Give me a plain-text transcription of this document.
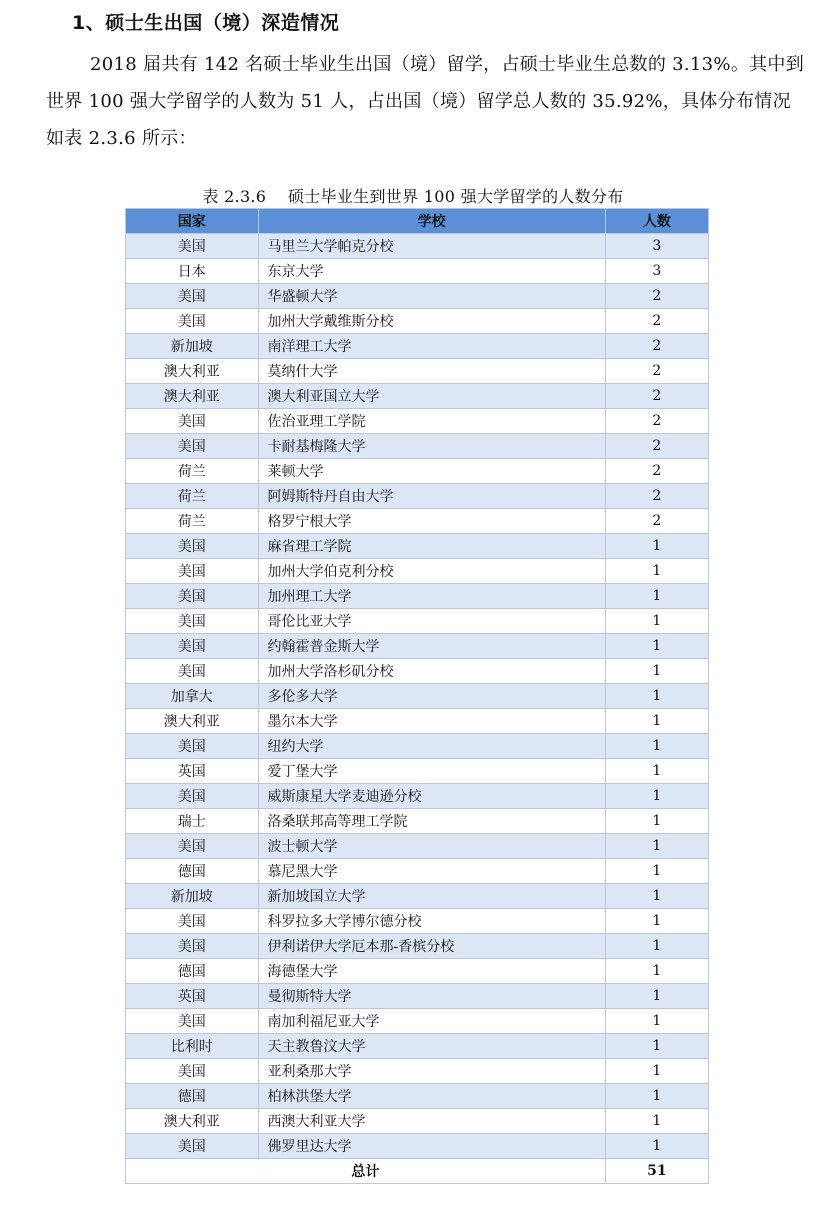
1、硕士生出国（境）深造情况
2018 届共有 142 名硕士毕业生出国（境）留学，占硕士毕业生总数的 3.13%。其中到世界 100 强大学留学的人数为 51 人，占出国（境）留学总人数的 35.92%，具体分布情况如表 2.3.6 所示：
表 2.3.6　 硕士毕业生到世界 100 强大学留学的人数分布
国家	学校	人数
美国	马里兰大学帕克分校	3
日本	东京大学	3
美国	华盛顿大学	2
美国	加州大学戴维斯分校	2
新加坡	南洋理工大学	2
澳大利亚	莫纳什大学	2
澳大利亚	澳大利亚国立大学	2
美国	佐治亚理工学院	2
美国	卡耐基梅隆大学	2
荷兰	莱顿大学	2
荷兰	阿姆斯特丹自由大学	2
荷兰	格罗宁根大学	2
美国	麻省理工学院	1
美国	加州大学伯克利分校	1
美国	加州理工大学	1
美国	哥伦比亚大学	1
美国	约翰霍普金斯大学	1
美国	加州大学洛杉矶分校	1
加拿大	多伦多大学	1
澳大利亚	墨尔本大学	1
美国	纽约大学	1
英国	爱丁堡大学	1
美国	威斯康星大学麦迪逊分校	1
瑞士	洛桑联邦高等理工学院	1
美国	波士顿大学	1
德国	慕尼黑大学	1
新加坡	新加坡国立大学	1
美国	科罗拉多大学博尔德分校	1
美国	伊利诺伊大学厄本那-香槟分校	1
德国	海德堡大学	1
英国	曼彻斯特大学	1
美国	南加利福尼亚大学	1
比利时	天主教鲁汶大学	1
美国	亚利桑那大学	1
德国	柏林洪堡大学	1
澳大利亚	西澳大利亚大学	1
美国	佛罗里达大学	1
总计		51
